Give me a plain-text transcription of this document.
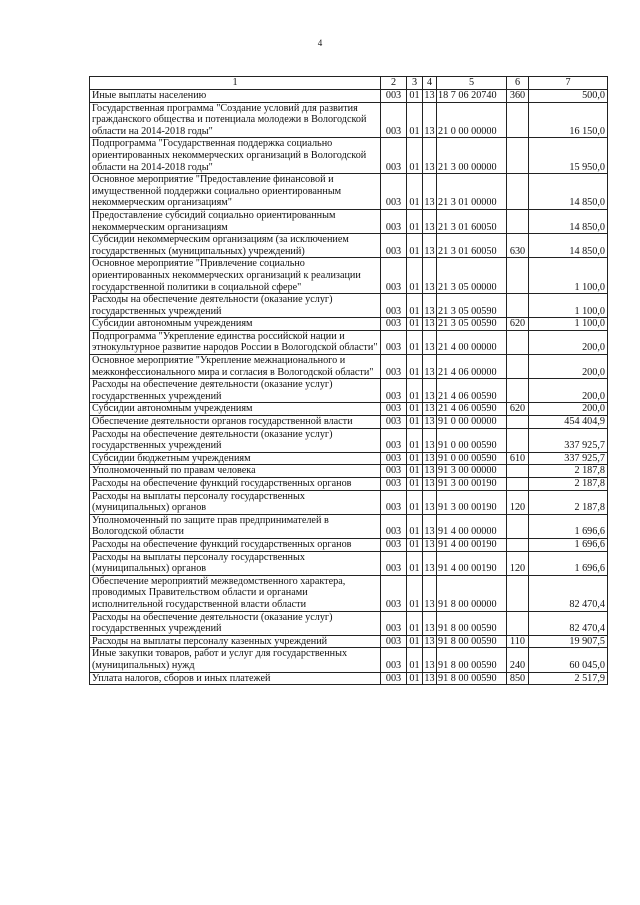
4
1	2	3	4	5	6	7
Иные выплаты населению	003	01	13	18 7 06 20740	360	500,0
Государственная программа "Создание условий для развития гражданского общества и потенциала молодежи в Вологодской области на 2014-2018 годы"	003	01	13	21 0 00 00000		16 150,0
Подпрограмма "Государственная поддержка социально ориентированных некоммерческих организаций в Вологодской области на 2014-2018 годы"	003	01	13	21 3 00 00000		15 950,0
Основное мероприятие "Предоставление финансовой и имущественной поддержки социально ориентированным некоммерческим организациям"	003	01	13	21 3 01 00000		14 850,0
Предоставление субсидий социально ориентированным некоммерческим организациям	003	01	13	21 3 01 60050		14 850,0
Субсидии некоммерческим организациям (за исключением государственных (муниципальных) учреждений)	003	01	13	21 3 01 60050	630	14 850,0
Основное мероприятие "Привлечение социально ориентированных некоммерческих организаций к реализации государственной политики в социальной сфере"	003	01	13	21 3 05 00000		1 100,0
Расходы на обеспечение деятельности (оказание услуг) государственных учреждений	003	01	13	21 3 05 00590		1 100,0
Субсидии автономным учреждениям	003	01	13	21 3 05 00590	620	1 100,0
Подпрограмма "Укрепление единства российской нации и этнокультурное развитие народов России в Вологодской области"	003	01	13	21 4 00 00000		200,0
Основное мероприятие "Укрепление межнационального и межконфессионального мира и согласия в Вологодской области"	003	01	13	21 4 06 00000		200,0
Расходы на обеспечение деятельности (оказание услуг) государственных учреждений	003	01	13	21 4 06 00590		200,0
Субсидии автономным учреждениям	003	01	13	21 4 06 00590	620	200,0
Обеспечение деятельности органов государственной власти	003	01	13	91 0 00 00000		454 404,9
Расходы на обеспечение деятельности (оказание услуг) государственных учреждений	003	01	13	91 0 00 00590		337 925,7
Субсидии бюджетным учреждениям	003	01	13	91 0 00 00590	610	337 925,7
Уполномоченный по правам человека	003	01	13	91 3 00 00000		2 187,8
Расходы на обеспечение функций государственных органов	003	01	13	91 3 00 00190		2 187,8
Расходы на выплаты персоналу государственных (муниципальных) органов	003	01	13	91 3 00 00190	120	2 187,8
Уполномоченный по защите прав предпринимателей в Вологодской области	003	01	13	91 4 00 00000		1 696,6
Расходы на обеспечение функций государственных органов	003	01	13	91 4 00 00190		1 696,6
Расходы на выплаты персоналу государственных (муниципальных) органов	003	01	13	91 4 00 00190	120	1 696,6
Обеспечение мероприятий межведомственного характера, проводимых Правительством области и органами исполнительной государственной власти области	003	01	13	91 8 00 00000		82 470,4
Расходы на обеспечение деятельности (оказание услуг) государственных учреждений	003	01	13	91 8 00 00590		82 470,4
Расходы на выплаты персоналу казенных учреждений	003	01	13	91 8 00 00590	110	19 907,5
Иные закупки товаров, работ и услуг для государственных (муниципальных) нужд	003	01	13	91 8 00 00590	240	60 045,0
Уплата налогов, сборов и иных платежей	003	01	13	91 8 00 00590	850	2 517,9
